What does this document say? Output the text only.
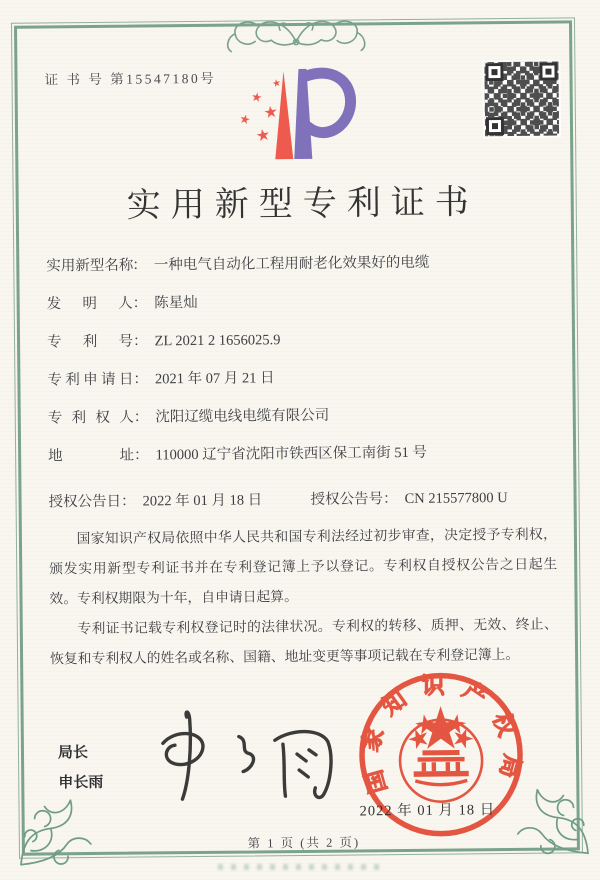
证 书 号 第15547180号
实用新型专利证书
实用新型名称： 一种电气自动化工程用耐老化效果好的电缆
发明人： 陈星灿
专利号： ZL 2021 2 1656025.9
专利申请日： 2021 年 07 月 21 日
专利权人： 沈阳辽缆电线电缆有限公司
地址： 110000 辽宁省沈阳市铁西区保工南街 51 号
授权公告日： 2022 年 01 月 18 日	授权公告号： CN 215577800 U

国家知识产权局依照中华人民共和国专利法经过初步审查，决定授予专利权，颁发实用新型专利证书并在专利登记簿上予以登记。专利权自授权公告之日起生效。专利权期限为十年，自申请日起算。

专利证书记载专利权登记时的法律状况。专利权的转移、质押、无效、终止、恢复和专利权人的姓名或名称、国籍、地址变更等事项记载在专利登记簿上。

局长
申长雨
2022 年 01 月 18 日
国家知识产权局
第 1 页 (共 2 页)
